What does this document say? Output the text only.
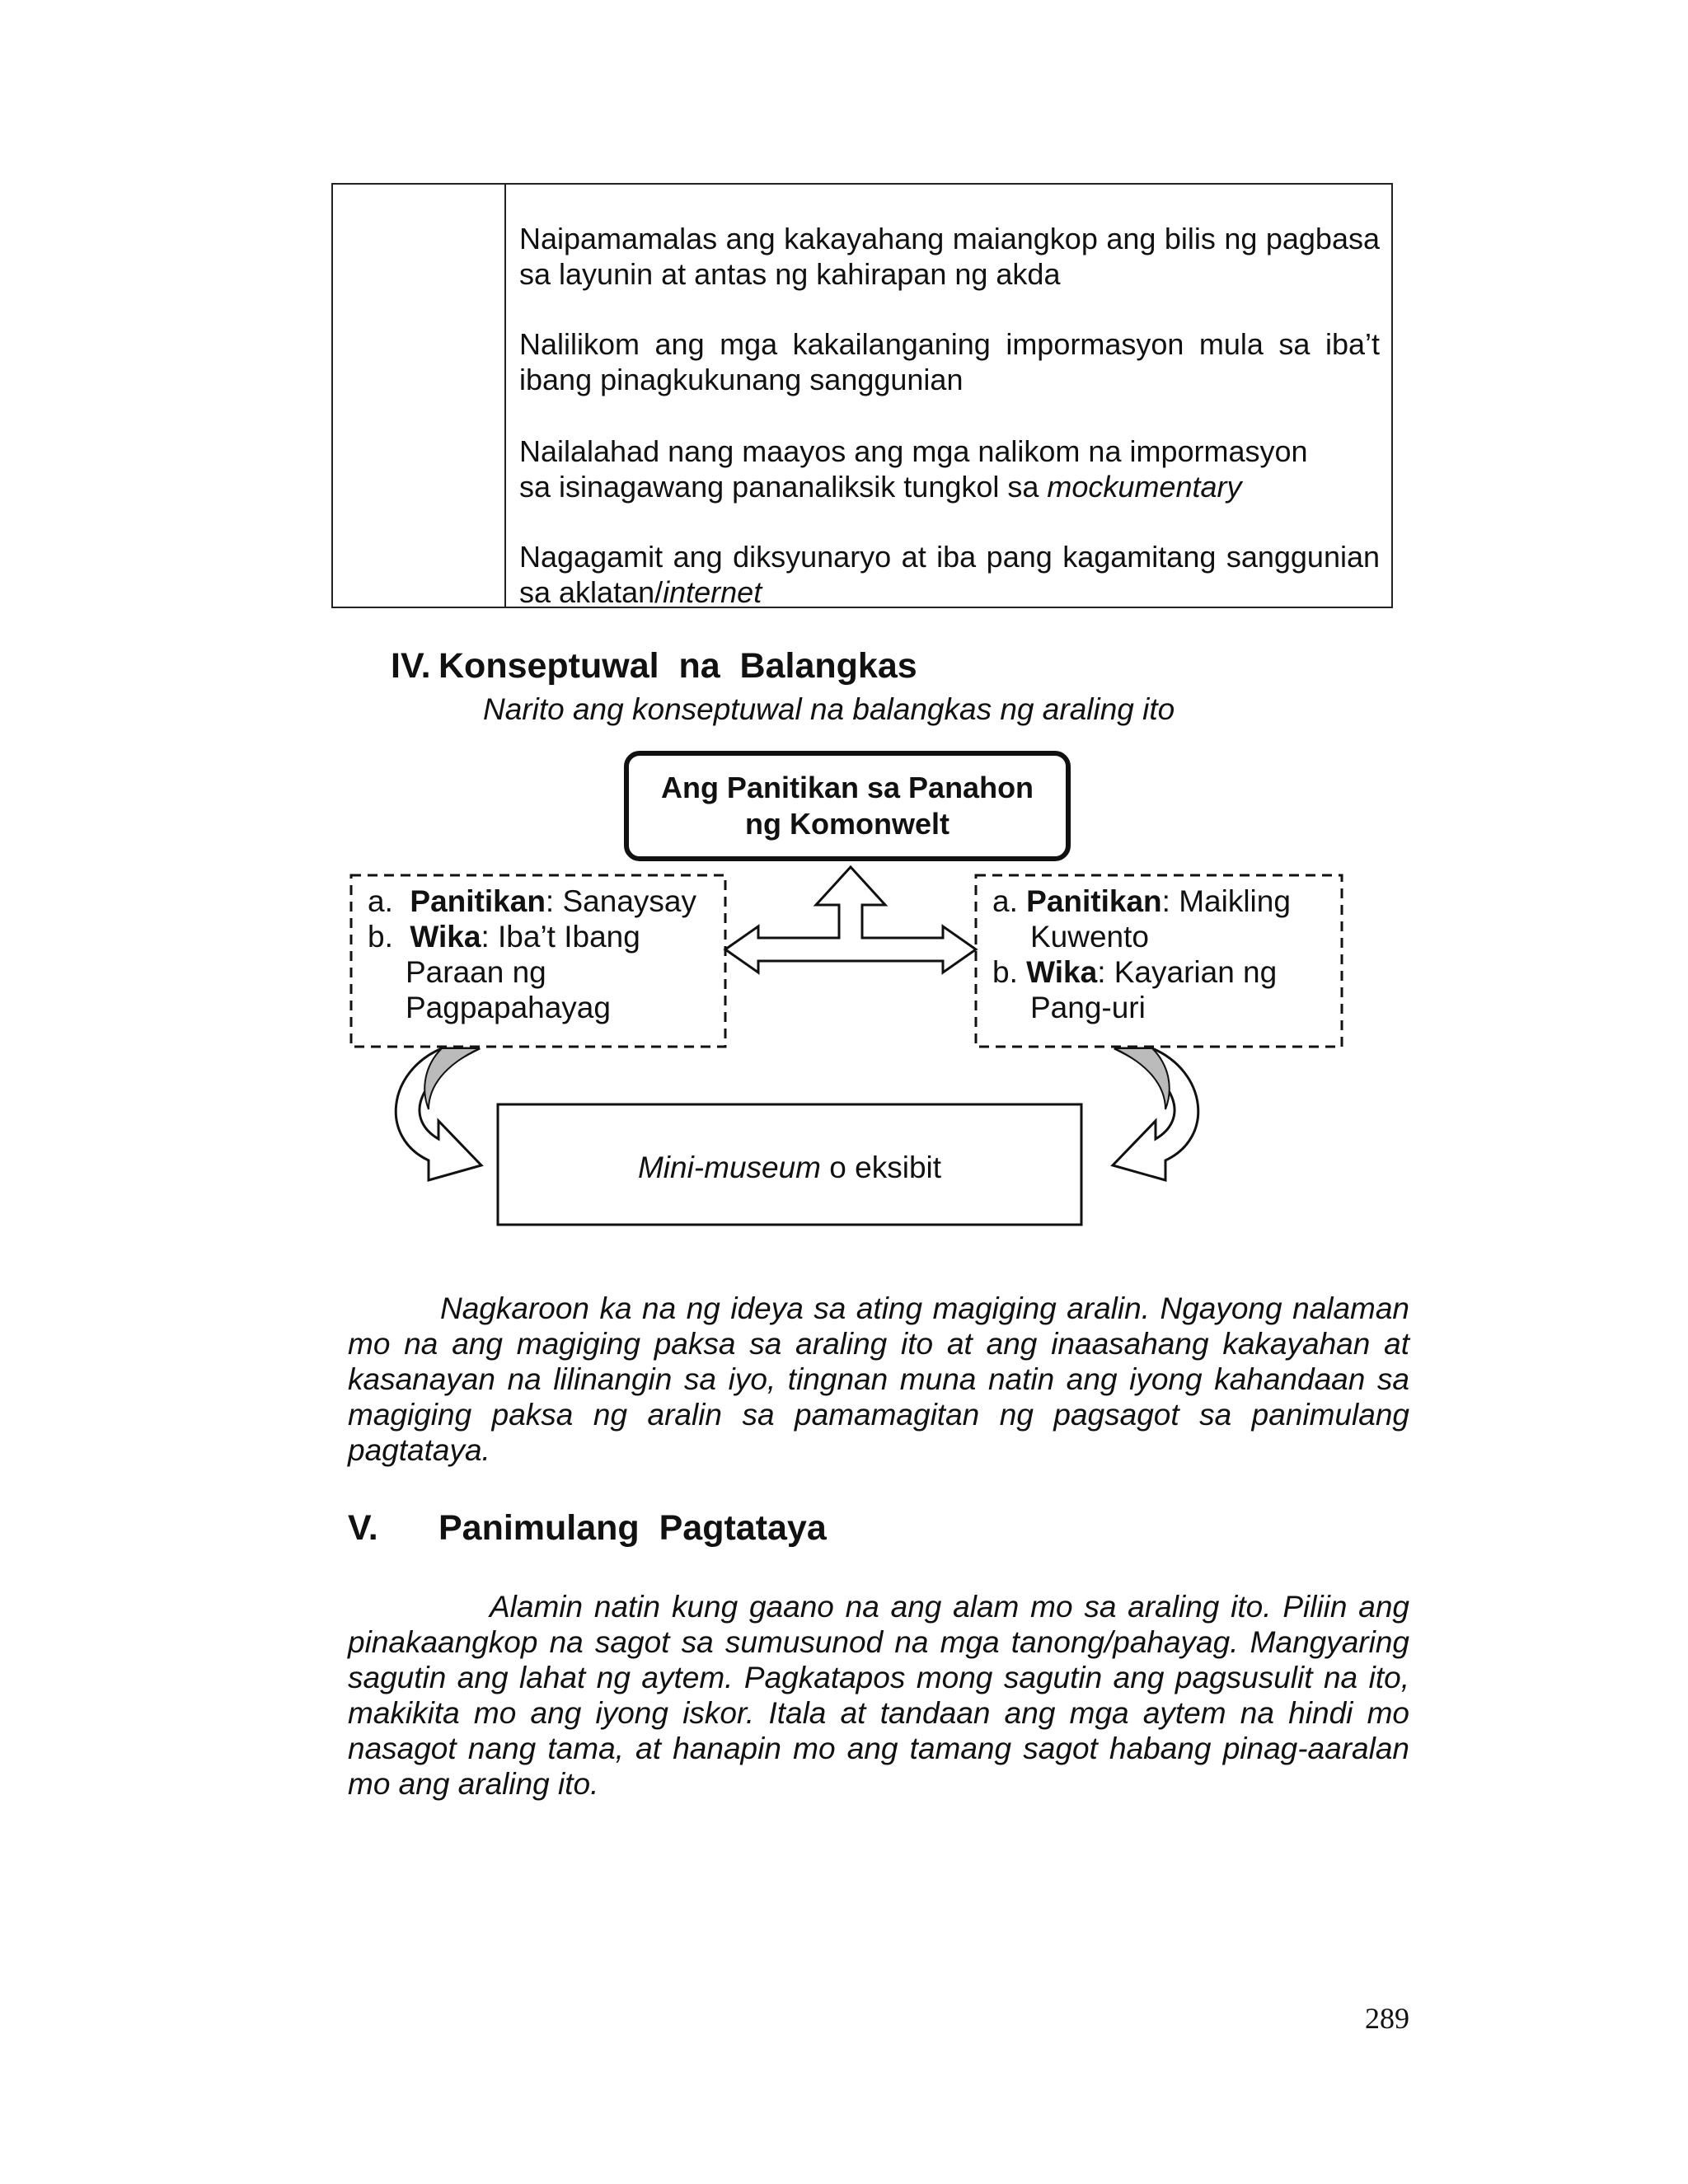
Naipamamalas ang kakayahang maiangkop ang bilis ng pagbasa sa layunin at antas ng kahirapan ng akda
Nalilikom ang mga kakailanganing impormasyon mula sa iba’t ibang pinagkukunang sanggunian
Nailalahad nang maayos ang mga nalikom na impormasyon
sa isinagawang pananaliksik tungkol sa mockumentary
Nagagamit ang diksyunaryo at iba pang kagamitang sanggunian sa aklatan/internet
IV. Konseptuwal  na  Balangkas
Narito ang konseptuwal na balangkas ng araling ito
Ang Panitikan sa Panahon
ng Komonwelt
a. Panitikan: Sanaysay
b. Wika: Iba’t Ibang
Paraan ng
Pagpapahayag
a. Panitikan: Maikling
Kuwento
b. Wika: Kayarian ng
Pang-uri
Mini-museum o eksibit

Nagkaroon ka na ng ideya sa ating magiging aralin. Ngayong nalaman mo na ang magiging paksa sa araling ito at ang inaasahang kakayahan at kasanayan na lilinangin sa iyo, tingnan muna natin ang iyong kahandaan sa magiging paksa ng aralin sa pamamagitan ng pagsagot sa panimulang pagtataya.

V. Panimulang  Pagtataya

Alamin natin kung gaano na ang alam mo sa araling ito. Piliin ang pinakaangkop na sagot sa sumusunod na mga tanong/pahayag. Mangyaring sagutin ang lahat ng aytem. Pagkatapos mong sagutin ang pagsusulit na ito, makikita mo ang iyong iskor. Itala at tandaan ang mga aytem na hindi mo nasagot nang tama, at hanapin mo ang tamang sagot habang pinag-aaralan mo ang araling ito.

289
